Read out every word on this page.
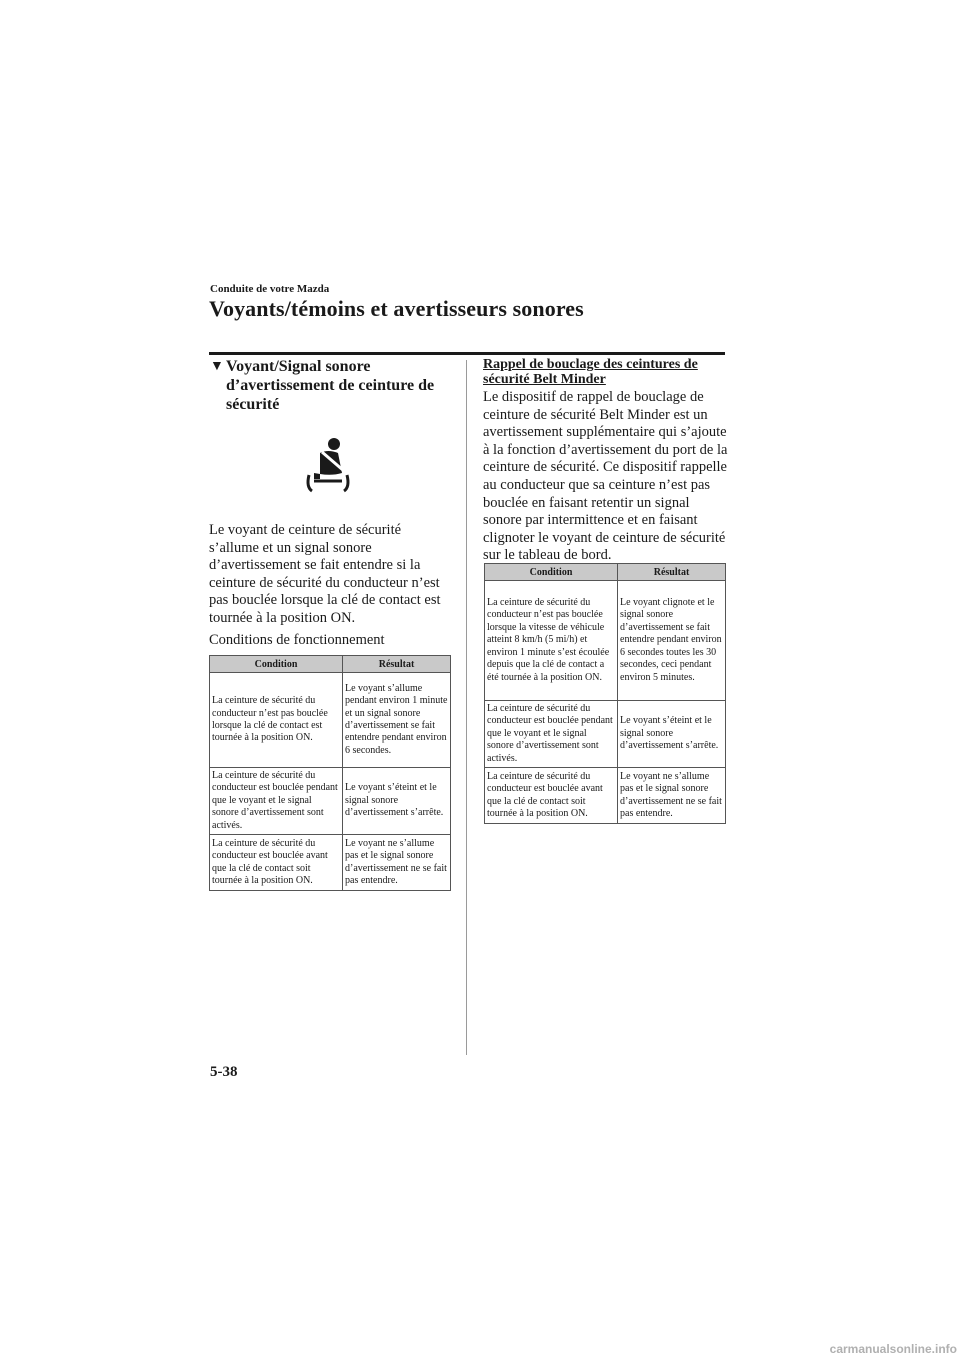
Conduite de votre Mazda
Voyants/témoins et avertisseurs sonores
▼ Voyant/Signal sonore d’avertissement de ceinture de sécurité
Le voyant de ceinture de sécurité s’allume et un signal sonore d’avertissement se fait entendre si la ceinture de sécurité du conducteur n’est pas bouclée lorsque la clé de contact est tournée à la position ON.
Conditions de fonctionnement
Condition	Résultat
La ceinture de sécurité du conducteur n’est pas bouclée lorsque la clé de contact est tournée à la position ON.	Le voyant s’allume pendant environ 1 minute et un signal sonore d’avertissement se fait entendre pendant environ 6 secondes.
La ceinture de sécurité du conducteur est bouclée pendant que le voyant et le signal sonore d’avertissement sont activés.	Le voyant s’éteint et le signal sonore d’avertissement s’arrête.
La ceinture de sécurité du conducteur est bouclée avant que la clé de contact soit tournée à la position ON.	Le voyant ne s’allume pas et le signal sonore d’avertissement ne se fait pas entendre.
Rappel de bouclage des ceintures de sécurité Belt Minder
Le dispositif de rappel de bouclage de ceinture de sécurité Belt Minder est un avertissement supplémentaire qui s’ajoute à la fonction d’avertissement du port de la ceinture de sécurité. Ce dispositif rappelle au conducteur que sa ceinture n’est pas bouclée en faisant retentir un signal sonore par intermittence et en faisant clignoter le voyant de ceinture de sécurité sur le tableau de bord.
Condition	Résultat
La ceinture de sécurité du conducteur n’est pas bouclée lorsque la vitesse de véhicule atteint 8 km/h (5 mi/h) et environ 1 minute s’est écoulée depuis que la clé de contact a été tournée à la position ON.	Le voyant clignote et le signal sonore d’avertissement se fait entendre pendant environ 6 secondes toutes les 30 secondes, ceci pendant environ 5 minutes.
La ceinture de sécurité du conducteur est bouclée pendant que le voyant et le signal sonore d’avertissement sont activés.	Le voyant s’éteint et le signal sonore d’avertissement s’arrête.
La ceinture de sécurité du conducteur est bouclée avant que la clé de contact soit tournée à la position ON.	Le voyant ne s’allume pas et le signal sonore d’avertissement ne se fait pas entendre.
5-38
carmanualsonline.info
